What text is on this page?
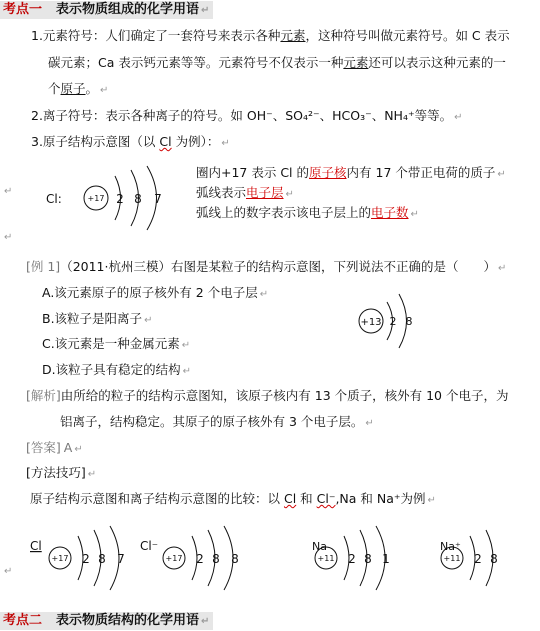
考点一 表示物质组成的化学用语 ↵
1.元素符号：人们确定了一套符号来表示各种元素，这种符号叫做元素符号。如 C 表示
碳元素；Ca 表示钙元素等等。元素符号不仅表示一种元素还可以表示这种元素的一
个原子。 ↵
2.离子符号：表示各种离子的符号。如 OH⁻、SO₄²⁻、HCO₃⁻、NH₄⁺等等。 ↵
3.原子结构示意图（以 Cl 为例）： ↵
Cl:	+17 2 8 7
↵
圈内+17 表示 Cl 的原子核内有 17 个带正电荷的质子 ↵
弧线表示电子层 ↵
弧线上的数字表示该电子层上的电子数 ↵
↵
[例 1]（2011·杭州三模）右图是某粒子的结构示意图，下列说法不正确的是（　　） ↵
A.该元素原子的原子核外有 2 个电子层 ↵
B.该粒子是阳离子 ↵
C.该元素是一种金属元素 ↵
D.该粒子具有稳定的结构 ↵
+13 2 8
[解析]由所给的粒子的结构示意图知，该原子核内有 13 个质子，核外有 10 个电子，为
铝离子，结构稳定。其原子的原子核外有 3 个电子层。 ↵
[答案] A ↵
[方法技巧] ↵
原子结构示意图和离子结构示意图的比较：以 Cl 和 Cl⁻,Na 和 Na⁺为例 ↵
Cl
+17 2 8 7
Cl⁻
+17 2 8 8
Na
+11 2 8 1
Na⁺
+11 2 8
↵
考点二 表示物质结构的化学用语 ↵
